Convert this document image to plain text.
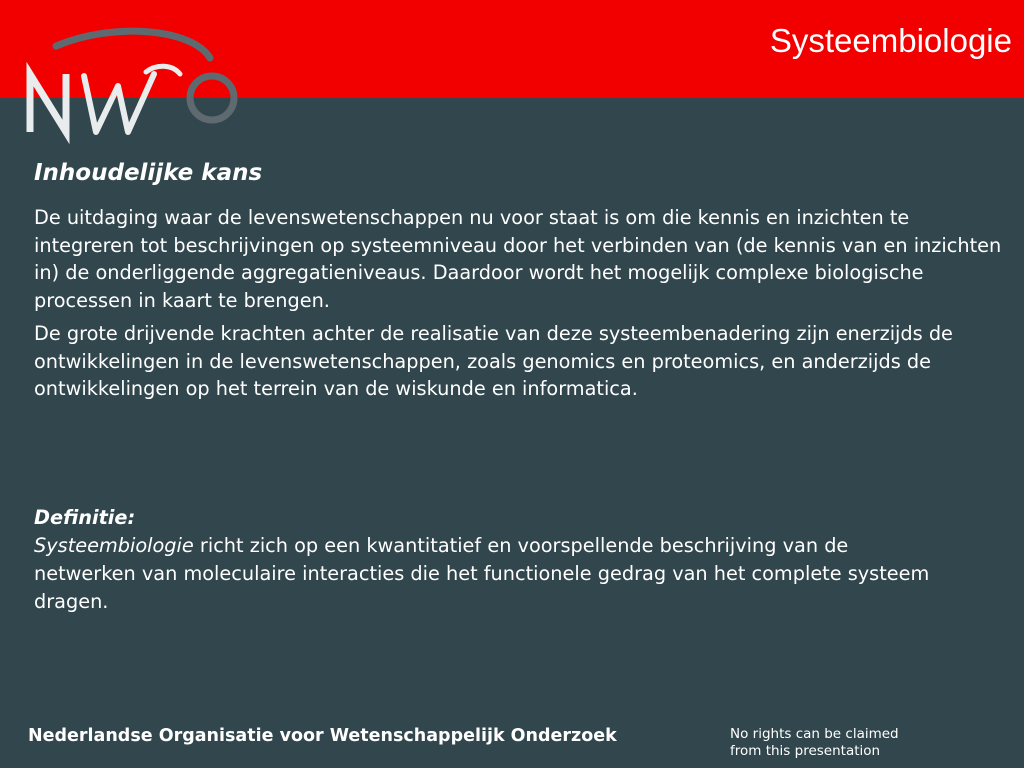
Systeembiologie
Inhoudelijke kans

De uitdaging waar de levenswetenschappen nu voor staat is om die kennis en inzichten te integreren tot beschrijvingen op systeemniveau door het verbinden van (de kennis van en inzichten in) de onderliggende aggregatieniveaus. Daardoor wordt het mogelijk complexe biologische processen in kaart te brengen.

De grote drijvende krachten achter de realisatie van deze systeembenadering zijn enerzijds de ontwikkelingen in de levenswetenschappen, zoals genomics en proteomics, en anderzijds de ontwikkelingen op het terrein van de wiskunde en informatica.

Definitie:
Systeembiologie richt zich op een kwantitatief en voorspellende beschrijving van de netwerken van moleculaire interacties die het functionele gedrag van het complete systeem dragen.
Nederlandse Organisatie voor Wetenschappelijk Onderzoek	No rights can be claimed
from this presentation
